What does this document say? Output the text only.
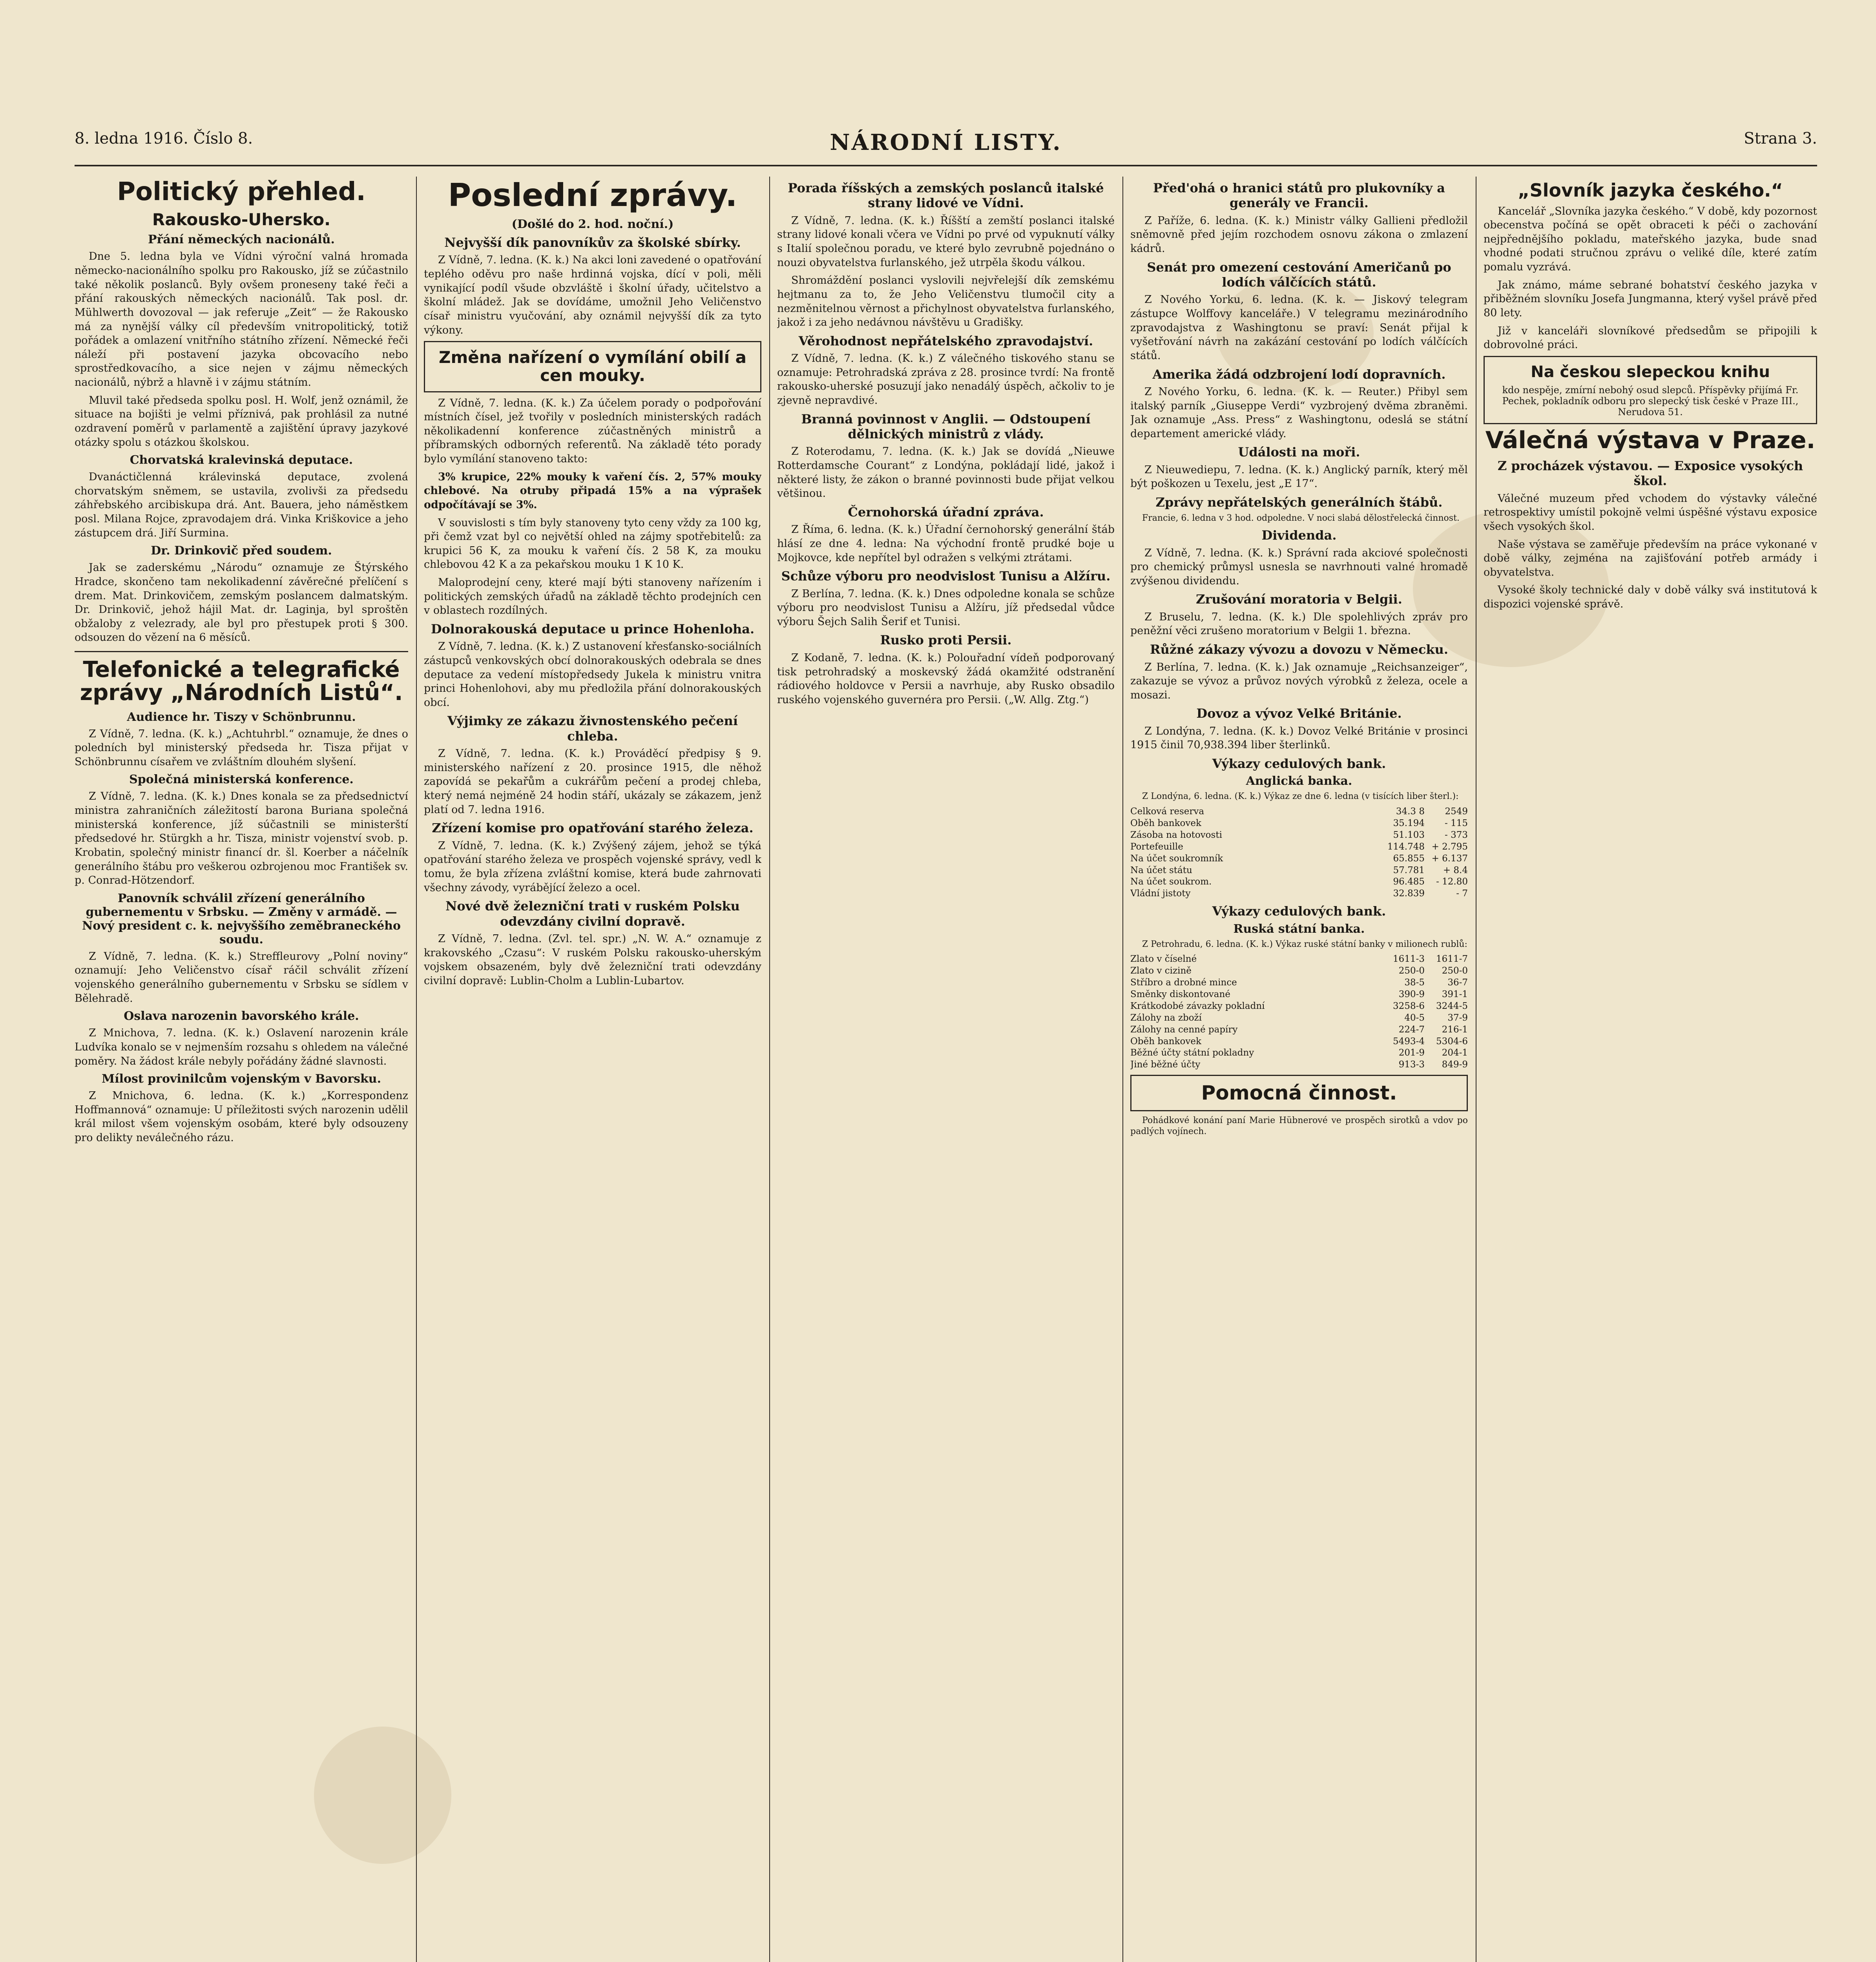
8. ledna 1916. Číslo 8.	NÁRODNÍ LISTY.	Strana 3.
Politický přehled.
Rakousko-Uhersko.
Přání německých nacionálů.

Dne 5. ledna byla ve Vídni výroční valná hromada německo-nacionálního spolku pro Rakousko, jíž se zúčastnilo také několik poslanců. Byly ovšem proneseny také řeči a přání rakouských německých nacionálů. Tak posl. dr. Mühlwerth dovozoval — jak referuje „Zeit“ — že Rakousko má za nynější války cíl především vnitropolitický, totiž pořádek a omlazení vnitřního státního zřízení. Německé řeči náleží při postavení jazyka obcovacího nebo sprostředkovacího, a sice nejen v zájmu německých nacionálů, nýbrž a hlavně i v zájmu státním.

Mluvil také předseda spolku posl. H. Wolf, jenž oznámil, že situace na bojišti je velmi příznivá, pak prohlásil za nutné ozdravení poměrů v parlamentě a zajištění úpravy jazykové otázky spolu s otázkou školskou.

Chorvatská kralevinská deputace.

Dvanáctičlenná králevinská deputace, zvolená chorvatským sněmem, se ustavila, zvolivši za předsedu záhřebského arcibiskupa drá. Ant. Bauera, jeho náměstkem posl. Milana Rojce, zpravodajem drá. Vinka Kriškovice a jeho zástupcem drá. Jiří Surmina.

Dr. Drinkovič před soudem.

Jak se zaderskému „Národu“ oznamuje ze Štýrského Hradce, skončeno tam nekolikadenní závěrečné přelíčení s drem. Mat. Drinkovičem, zemským poslancem dalmatským. Dr. Drinkovič, jehož hájil Mat. dr. Laginja, byl sproštěn obžaloby z velezrady, ale byl pro přestupek proti § 300. odsouzen do vězení na 6 měsíců.

Telefonické a telegrafické zprávy „Národních Listů“.
Audience hr. Tiszy v Schönbrunnu.

Z Vídně, 7. ledna. (K. k.) „Achtuhrbl.“ oznamuje, že dnes o poledních byl ministerský předseda hr. Tisza přijat v Schönbrunnu císařem ve zvláštním dlouhém slyšení.

Společná ministerská konference.

Z Vídně, 7. ledna. (K. k.) Dnes konala se za předsednictví ministra zahraničních záležitostí barona Buriana společná ministerská konference, jíž súčastnili se ministerští předsedové hr. Stürgkh a hr. Tisza, ministr vojenství svob. p. Krobatin, společný ministr financí dr. šl. Koerber a náčelník generálního štábu pro veškerou ozbrojenou moc František sv. p. Conrad-Hötzendorf.

Panovník schválil zřízení generálního gubernementu v Srbsku. — Změny v armádě. — Nový president c. k. nejvyššího zeměbraneckého soudu.

Z Vídně, 7. ledna. (K. k.) Streffleurovy „Polní noviny“ oznamují: Jeho Veličenstvo císař ráčil schválit zřízení vojenského generálního gubernementu v Srbsku se sídlem v Bělehradě.

Oslava narozenin bavorského krále.

Z Mnichova, 7. ledna. (K. k.) Oslavení narozenin krále Ludvíka konalo se v nejmenším rozsahu s ohledem na válečné poměry. Na žádost krále nebyly pořádány žádné slavnosti.

Mílost provinilcům vojenským v Bavorsku.

Z Mnichova, 6. ledna. (K. k.) „Korrespondenz Hoffmannová“ oznamuje: U příležitosti svých narozenin udělil král milost všem vojenským osobám, které byly odsouzeny pro delikty neválečného rázu.

Poslední zprávy.
(Došlé do 2. hod. noční.)
Nejvyšší dík panovníkův za školské sbírky.

Z Vídně, 7. ledna. (K. k.) Na akci loni zavedené o opatřování teplého oděvu pro naše hrdinná vojska, dící v poli, měli vynikající podíl všude obzvláště i školní úřady, učitelstvo a školní mládež. Jak se dovídáme, umožnil Jeho Veličenstvo císař ministru vyučování, aby oznámil nejvyšší dík za tyto výkony.

Změna nařízení o vymílání obilí a cen mouky.

Z Vídně, 7. ledna. (K. k.) Za účelem porady o podpořování místních čísel, jež tvořily v posledních ministerských radách několikadenní konference zúčastněných ministrů a příbramských odborných referentů. Na základě této porady bylo vymílání stanoveno takto:

3% krupice, 22% mouky k vaření čís. 2, 57% mouky chlebové. Na otruby připadá 15% a na výprašek odpočítávají se 3%.

V souvislosti s tím byly stanoveny tyto ceny vždy za 100 kg, při čemž vzat byl co největší ohled na zájmy spotřebitelů: za krupici 56 K, za mouku k vaření čís. 2 58 K, za mouku chlebovou 42 K a za pekařskou mouku 1 K 10 K.

Maloprodejní ceny, které mají býti stanoveny nařízením i politických zemských úřadů na základě těchto prodejních cen v oblastech rozdílných.

Dolnorakouská deputace u prince Hohenloha.

Z Vídně, 7. ledna. (K. k.) Z ustanovení křesťansko-sociálních zástupců venkovských obcí dolnorakouských odebrala se dnes deputace za vedení místopředsedy Jukela k ministru vnitra princi Hohenlohovi, aby mu předložila přání dolnorakouských obcí.

Výjimky ze zákazu živnostenského pečení chleba.

Z Vídně, 7. ledna. (K. k.) Prováděcí předpisy § 9. ministerského nařízení z 20. prosince 1915, dle něhož zapovídá se pekařům a cukrářům pečení a prodej chleba, který nemá nejméně 24 hodin stáří, ukázaly se zákazem, jenž platí od 7. ledna 1916.

Zřízení komise pro opatřování starého železa.

Z Vídně, 7. ledna. (K. k.) Zvýšený zájem, jehož se týká opatřování starého železa ve prospěch vojenské správy, vedl k tomu, že byla zřízena zvláštní komise, která bude zahrnovati všechny závody, vyrábějící železo a ocel.

Nové dvě železniční trati v ruském Polsku odevzdány civilní dopravě.

Z Vídně, 7. ledna. (Zvl. tel. spr.) „N. W. A.“ oznamuje z krakovského „Czasu“: V ruském Polsku rakousko-uherským vojskem obsazeném, byly dvě železniční trati odevzdány civilní dopravě: Lublin-Cholm a Lublin-Lubartov.

Porada říšských a zemských poslanců italské strany lidové ve Vídni.

Z Vídně, 7. ledna. (K. k.) Říšští a zemští poslanci italské strany lidové konali včera ve Vídni po prvé od vypuknutí války s Italií společnou poradu, ve které bylo zevrubně pojednáno o nouzi obyvatelstva furlanského, jež utrpěla škodu válkou.

Shromáždění poslanci vyslovili nejvřelejší dík zemskému hejtmanu za to, že Jeho Veličenstvu tlumočil city a nezměnitelnou věrnost a přichylnost obyvatelstva furlanského, jakož i za jeho nedávnou návštěvu u Gradišky.

Věrohodnost nepřátelského zpravodajství.

Z Vídně, 7. ledna. (K. k.) Z válečného tiskového stanu se oznamuje: Petrohradská zpráva z 28. prosince tvrdí: Na frontě rakousko-uherské posuzují jako nenadálý úspěch, ačkoliv to je zjevně nepravdivé.

Branná povinnost v Anglii. — Odstoupení dělnických ministrů z vlády.

Z Roterodamu, 7. ledna. (K. k.) Jak se dovídá „Nieuwe Rotterdamsche Courant“ z Londýna, pokládají lidé, jakož i některé listy, že zákon o branné povinnosti bude přijat velkou většinou.

Černohorská úřadní zpráva.

Z Říma, 6. ledna. (K. k.) Úřadní černohorský generální štáb hlásí ze dne 4. ledna: Na východní frontě prudké boje u Mojkovce, kde nepřítel byl odražen s velkými ztrátami.

Schůze výboru pro neodvislost Tunisu a Alžíru.

Z Berlína, 7. ledna. (K. k.) Dnes odpoledne konala se schůze výboru pro neodvislost Tunisu a Alžíru, jíž předsedal vůdce výboru Šejch Salih Šerif et Tunisi.

Rusko proti Persii.

Z Kodaně, 7. ledna. (K. k.) Polouřadní vídeň podporovaný tisk petrohradský a moskevský žádá okamžité odstranění rádiového holdovce v Persii a navrhuje, aby Rusko obsadilo ruského vojenského guvernéra pro Persii. („W. Allg. Ztg.“)

Před'ohá o hranici států pro plukovníky a generály ve Francii.

Z Paříže, 6. ledna. (K. k.) Ministr války Gallieni předložil sněmovně před jejím rozchodem osnovu zákona o zmlazení kádrů.

Senát pro omezení cestování Američanů po lodích válčících států.

Z Nového Yorku, 6. ledna. (K. k. — Jiskový telegram zástupce Wolffovy kanceláře.) V telegramu mezinárodního zpravodajstva z Washingtonu se praví: Senát přijal k vyšetřování návrh na zakázání cestování po lodích válčících států.

Amerika žádá odzbrojení lodí dopravních.

Z Nového Yorku, 6. ledna. (K. k. — Reuter.) Přibyl sem italský parník „Giuseppe Verdi“ vyzbrojený dvěma zbraněmi. Jak oznamuje „Ass. Press“ z Washingtonu, odeslá se státní departement americké vlády.

Události na moři.

Z Nieuwediepu, 7. ledna. (K. k.) Anglický parník, který měl být poškozen u Texelu, jest „E 17“.

Zprávy nepřátelských generálních štábů.

Francie, 6. ledna v 3 hod. odpoledne. V noci slabá dělostřelecká činnost.

Dividenda.

Z Vídně, 7. ledna. (K. k.) Správní rada akciové společnosti pro chemický průmysl usnesla se navrhnouti valné hromadě zvýšenou dividendu.

Zrušování moratoria v Belgii.

Z Bruselu, 7. ledna. (K. k.) Dle spolehlivých zpráv pro peněžní věci zrušeno moratorium v Belgii 1. března.

Růžné zákazy vývozu a dovozu v Německu.

Z Berlína, 7. ledna. (K. k.) Jak oznamuje „Reichsanzeiger“, zakazuje se vývoz a průvoz nových výrobků z železa, ocele a mosazi.

Dovoz a vývoz Velké Británie.

Z Londýna, 7. ledna. (K. k.) Dovoz Velké Británie v prosinci 1915 činil 70,938.394 liber šterlinků.

Výkazy cedulových bank.
Anglická banka.

Z Londýna, 6. ledna. (K. k.) Výkaz ze dne 6. ledna (v tisících liber šterl.):

Celková reserva	34.3 8	2549
Oběh bankovek	35.194	- 115
Zásoba na hotovosti	51.103	- 373
Portefeuille	114.748 + 2.795
Na účet soukromník	65.855 + 6.137
Na účet státu	57.781	+ 8.4
Na účet soukrom.	96.485	- 12.80
Vládní jistoty	32.839	- 7
Výkazy cedulových bank.
Ruská státní banka.

Z Petrohradu, 6. ledna. (K. k.) Výkaz ruské státní banky v milionech rublů:

Zlato v číselné	1611-3	1611-7
Zlato v cizině	250-0	250-0
Stříbro a drobné mince	38-5	36-7
Směnky diskontované	390-9	391-1
Krátkodobé závazky pokladní	3258-6	3244-5
Zálohy na zboží	40-5	37-9
Zálohy na cenné papíry	224-7	216-1
Oběh bankovek	5493-4	5304-6
Běžné účty státní pokladny	201-9	204-1
Jiné běžné účty	913-3	849-9
Pomocná činnost.

Pohádkové konání paní Marie Hübnerové ve prospěch sirotků a vdov po padlých vojínech.

„Slovník jazyka českého.“

Kancelář „Slovníka jazyka českého.“ V době, kdy pozornost obecenstva počíná se opět obraceti k péči o zachování nejpřednějšího pokladu, mateřského jazyka, bude snad vhodné podati stručnou zprávu o veliké díle, které zatím pomalu vyzrává.

Jak známo, máme sebrané bohatství českého jazyka v přiběžném slovníku Josefa Jungmanna, který vyšel právě před 80 lety.

Již v kanceláři slovníkové předsedům se připojili k dobrovolné práci.

Na českou slepeckou knihu
kdo nespěje, zmírní nebohý osud slepců. Příspěvky přijímá Fr. Pechek, pokladník odboru pro slepecký tisk české v Praze III., Nerudova 51.
Válečná výstava v Praze.
Z procházek výstavou. — Exposice vysokých škol.

Válečné muzeum před vchodem do výstavky válečné retrospektivy umístil pokojně velmi úspěšné výstavu exposice všech vysokých škol.

Naše výstava se zaměřuje především na práce vykonané v době války, zejména na zajišťování potřeb armády i obyvatelstva.

Vysoké školy technické daly v době války svá institutová k dispozici vojenské správě.
